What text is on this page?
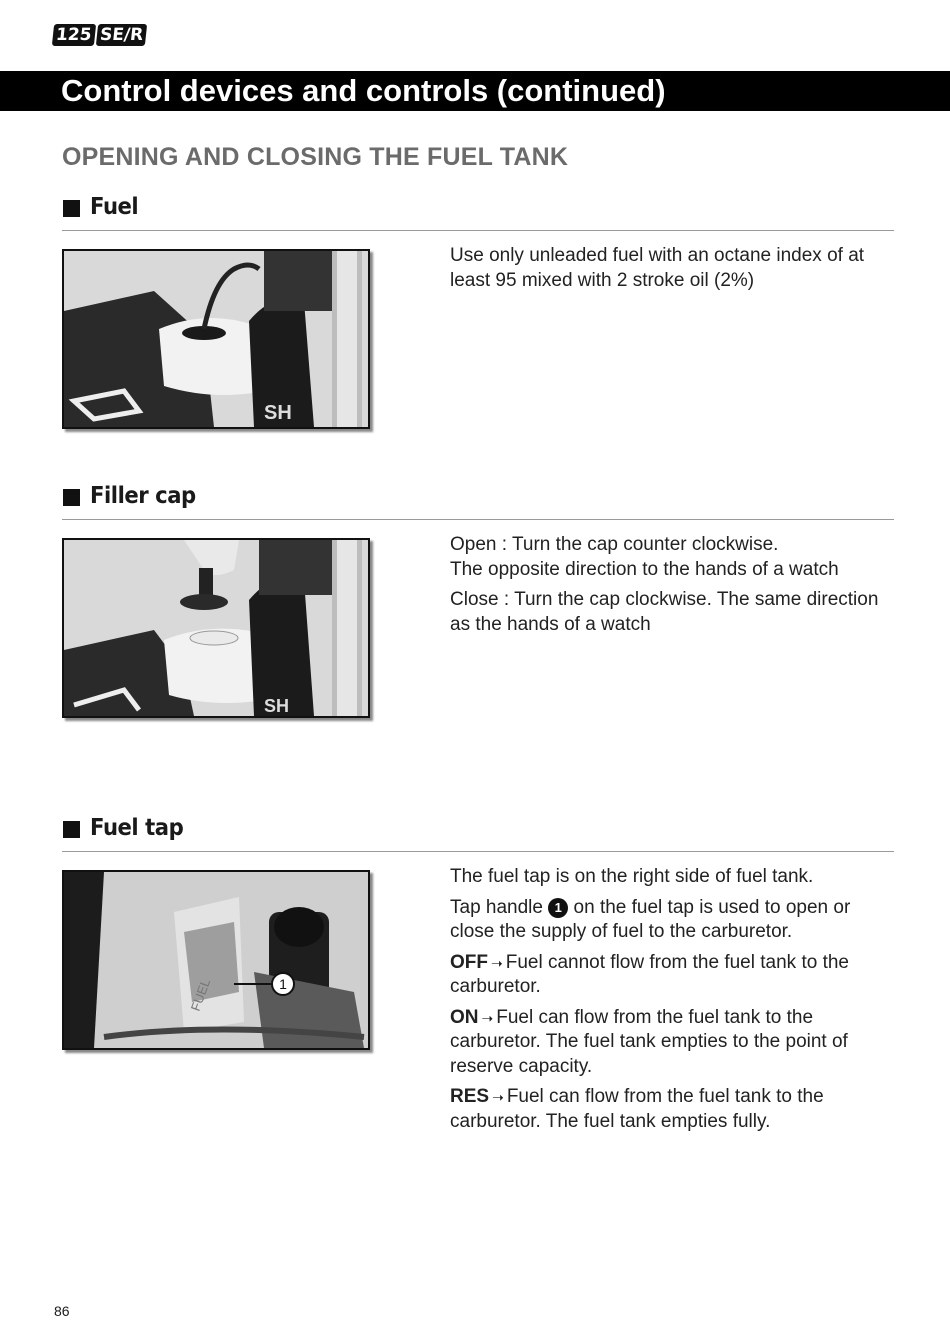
125 SE/R
Control devices and controls (continued)
OPENING AND CLOSING THE FUEL TANK
Fuel
SH

Use only unleaded fuel with an octane index of at least 95 mixed with 2 stroke oil (2%)

Filler cap
SH

Open : Turn the cap counter clockwise.
The opposite direction to the hands of a watch

Close : Turn the cap clockwise. The same direction as the hands of a watch

Fuel tap
FUEL	1

The fuel tap is on the right side of fuel tank.

Tap handle 1 on the fuel tap is used to open or close the supply of fuel to the carburetor.

OFF ➝ Fuel cannot flow from the fuel tank to the carburetor.

ON ➝ Fuel can flow from the fuel tank to the carburetor. The fuel tank empties to the point of reserve capacity.

RES ➝ Fuel can flow from the fuel tank to the carburetor. The fuel tank empties fully.

86
